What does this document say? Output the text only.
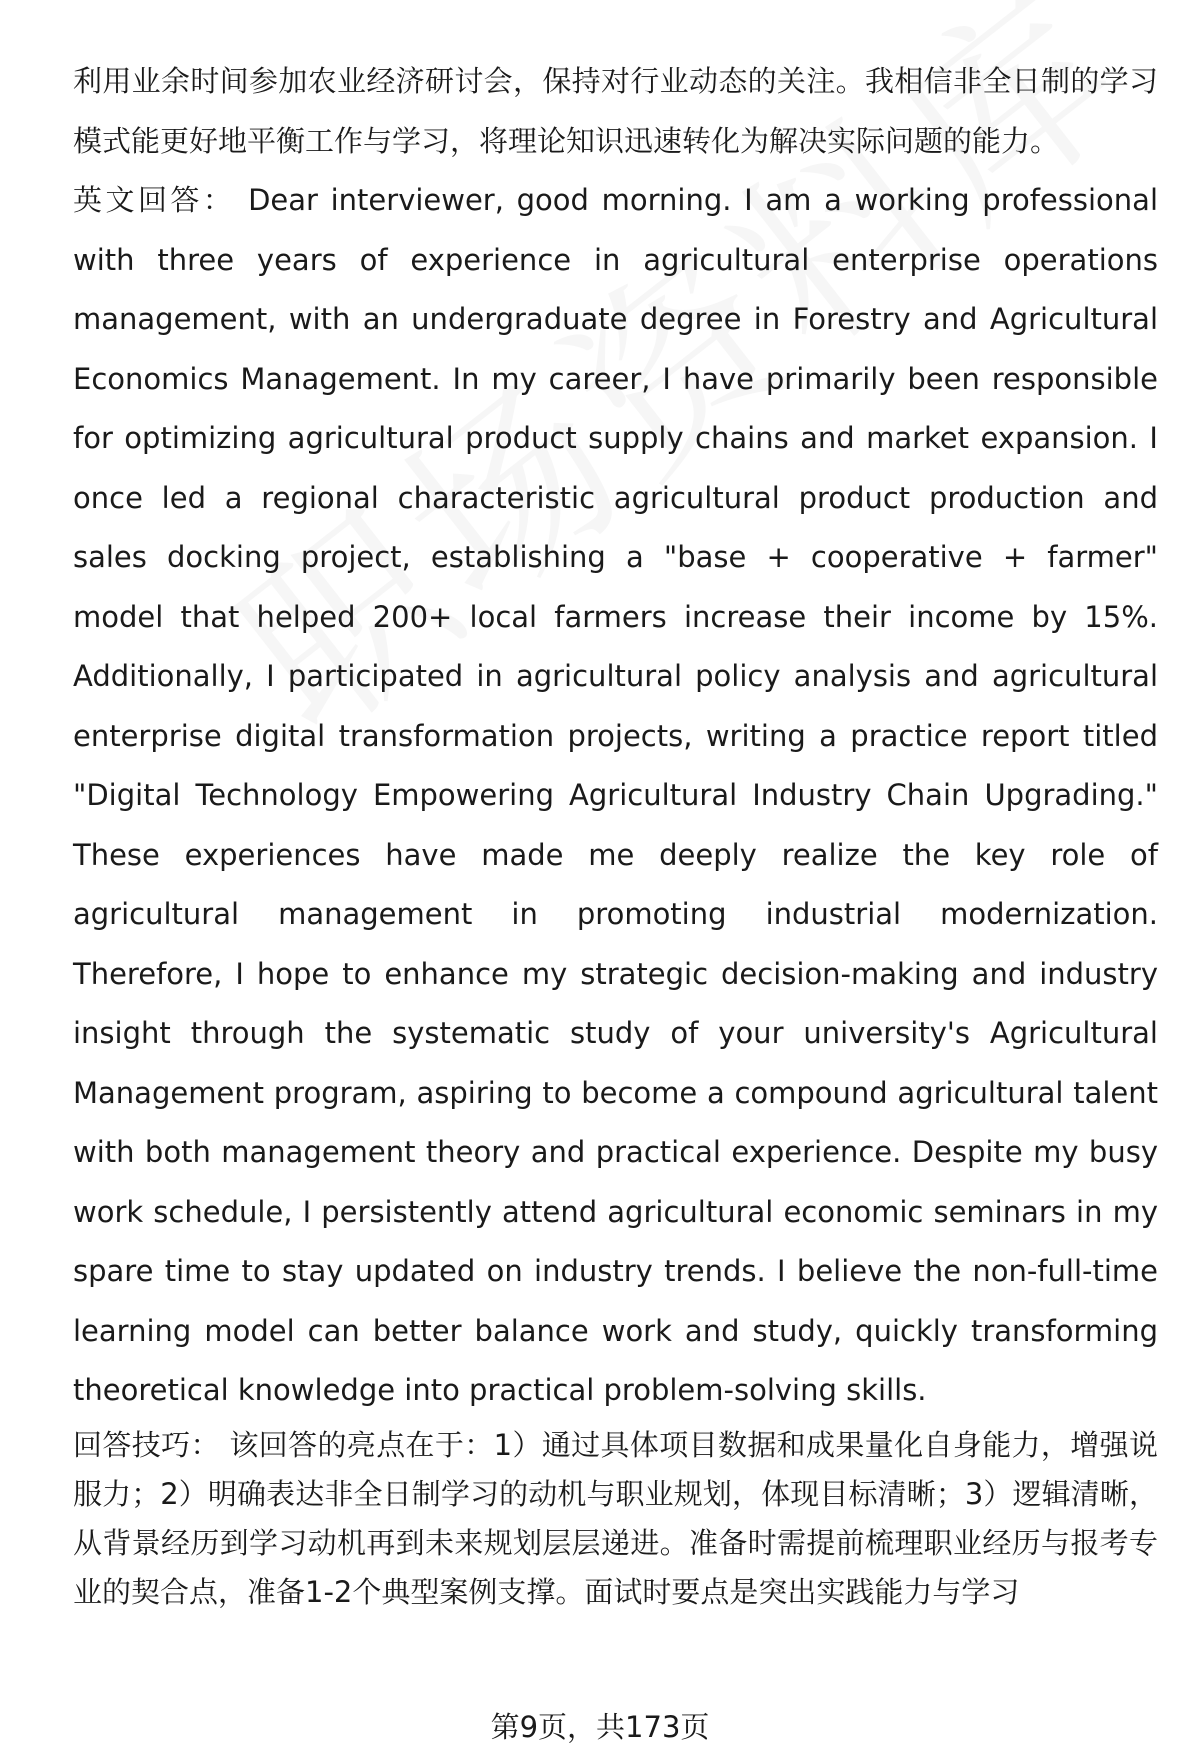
利用业余时间参加农业经济研讨会，保持对行业动态的关注。我相信非全日制的学习模式能更好地平衡工作与学习，将理论知识迅速转化为解决实际问题的能力。

英文回答： Dear interviewer, good morning. I am a working professional with three years of experience in agricultural enterprise operations management, with an undergraduate degree in Forestry and Agricultural Economics Management. In my career, I have primarily been responsible for optimizing agricultural product supply chains and market expansion. I once led a regional characteristic agricultural product production and sales docking project, establishing a "base + cooperative + farmer" model that helped 200+ local farmers increase their income by 15%. Additionally, I participated in agricultural policy analysis and agricultural enterprise digital transformation projects, writing a practice report titled "Digital Technology Empowering Agricultural Industry Chain Upgrading." These experiences have made me deeply realize the key role of agricultural management in promoting industrial modernization. Therefore, I hope to enhance my strategic decision-making and industry insight through the systematic study of your university's Agricultural Management program, aspiring to become a compound agricultural talent with both management theory and practical experience. Despite my busy work schedule, I persistently attend agricultural economic seminars in my spare time to stay updated on industry trends. I believe the non-full-time learning model can better balance work and study, quickly transforming theoretical knowledge into practical problem-solving skills.

回答技巧： 该回答的亮点在于：1）通过具体项目数据和成果量化自身能力，增强说服力；2）明确表达非全日制学习的动机与职业规划，体现目标清晰；3）逻辑清晰，从背景经历到学习动机再到未来规划层层递进。准备时需提前梳理职业经历与报考专业的契合点，准备1-2个典型案例支撑。面试时要点是突出实践能力与学习

第9页，共173页
